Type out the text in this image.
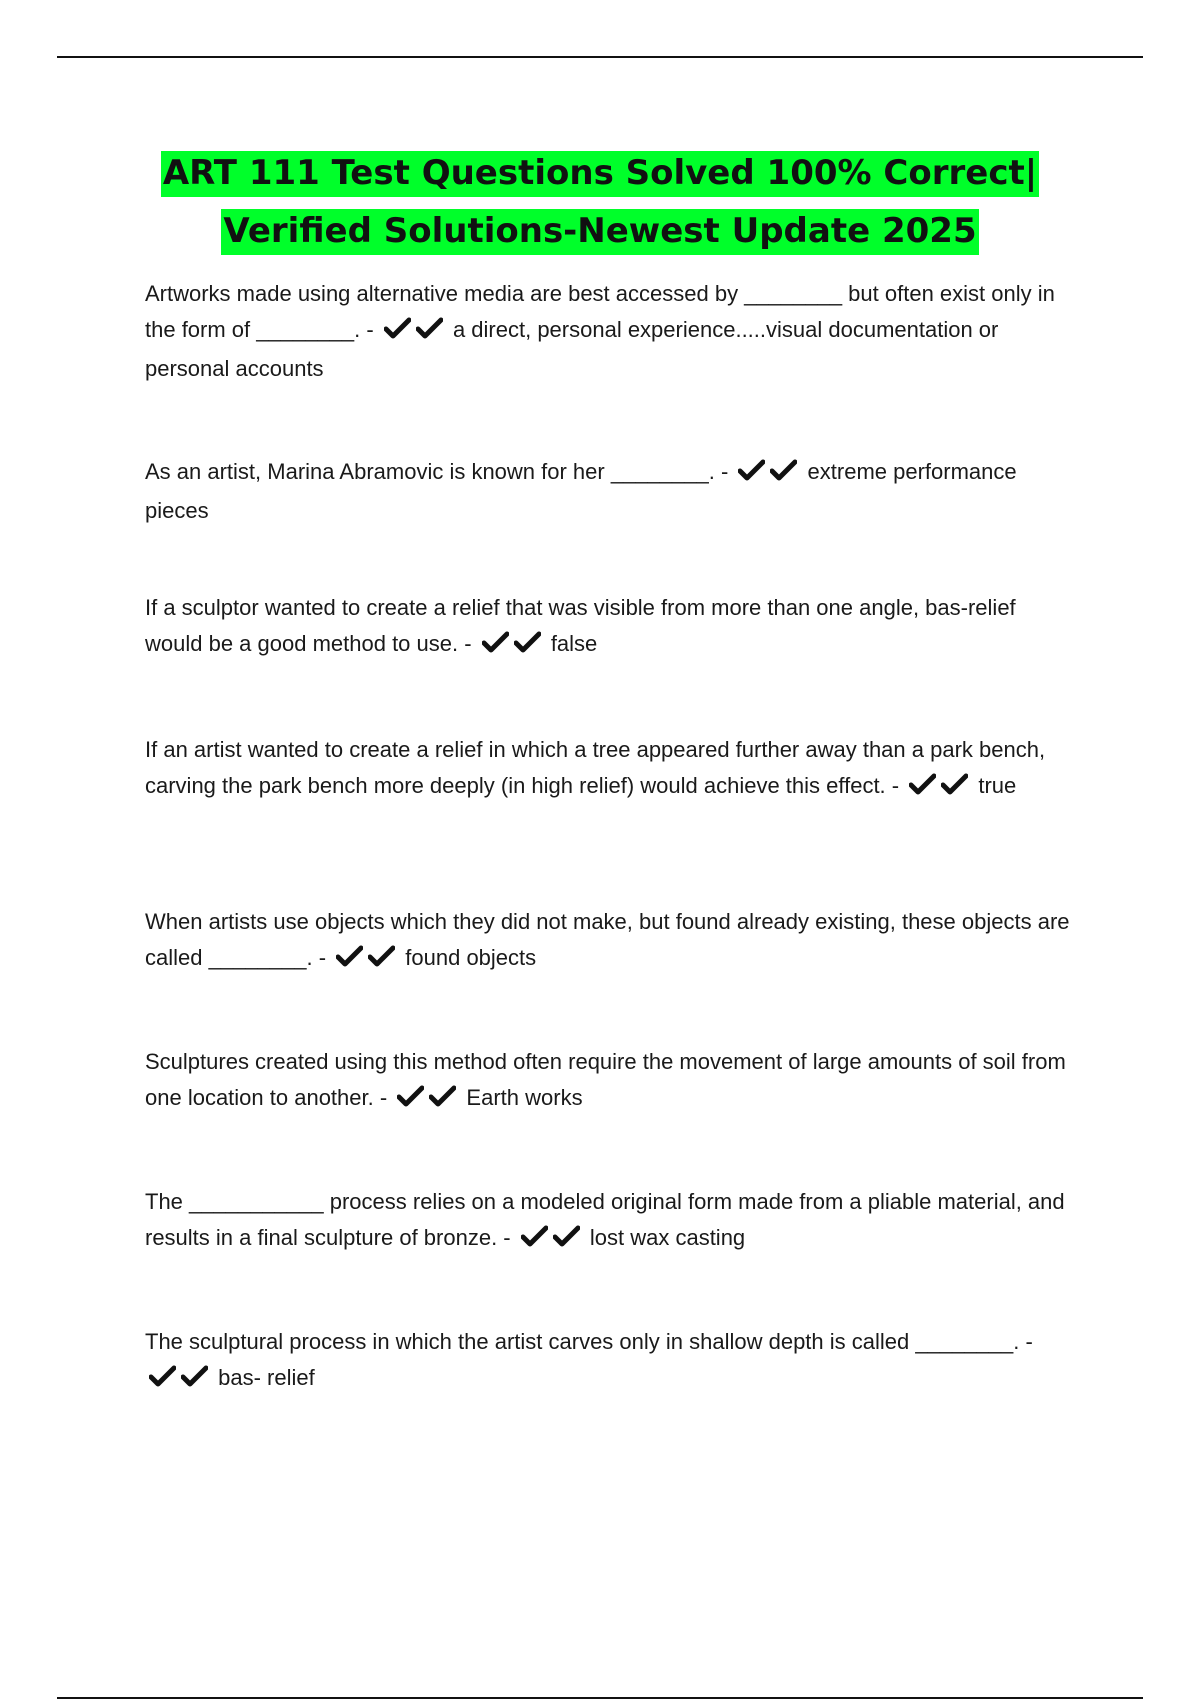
ART 111 Test Questions Solved 100% Correct|
Verified Solutions-Newest Update 2025
Artworks made using alternative media are best accessed by ________ but often exist only in the form of ________. -	a direct, personal experience.....visual documentation or personal accounts
As an artist, Marina Abramovic is known for her ________. -	extreme performance pieces
If a sculptor wanted to create a relief that was visible from more than one angle, bas-relief would be a good method to use. -	false
If an artist wanted to create a relief in which a tree appeared further away than a park bench, carving the park bench more deeply (in high relief) would achieve this effect. -	true
When artists use objects which they did not make, but found already existing, these objects are called ________. -	found objects
Sculptures created using this method often require the movement of large amounts of soil from one location to another. -	Earth works
The ___________ process relies on a modeled original form made from a pliable material, and results in a final sculpture of bronze. -	lost wax casting
The sculptural process in which the artist carves only in shallow depth is called ________. -  bas- relief
